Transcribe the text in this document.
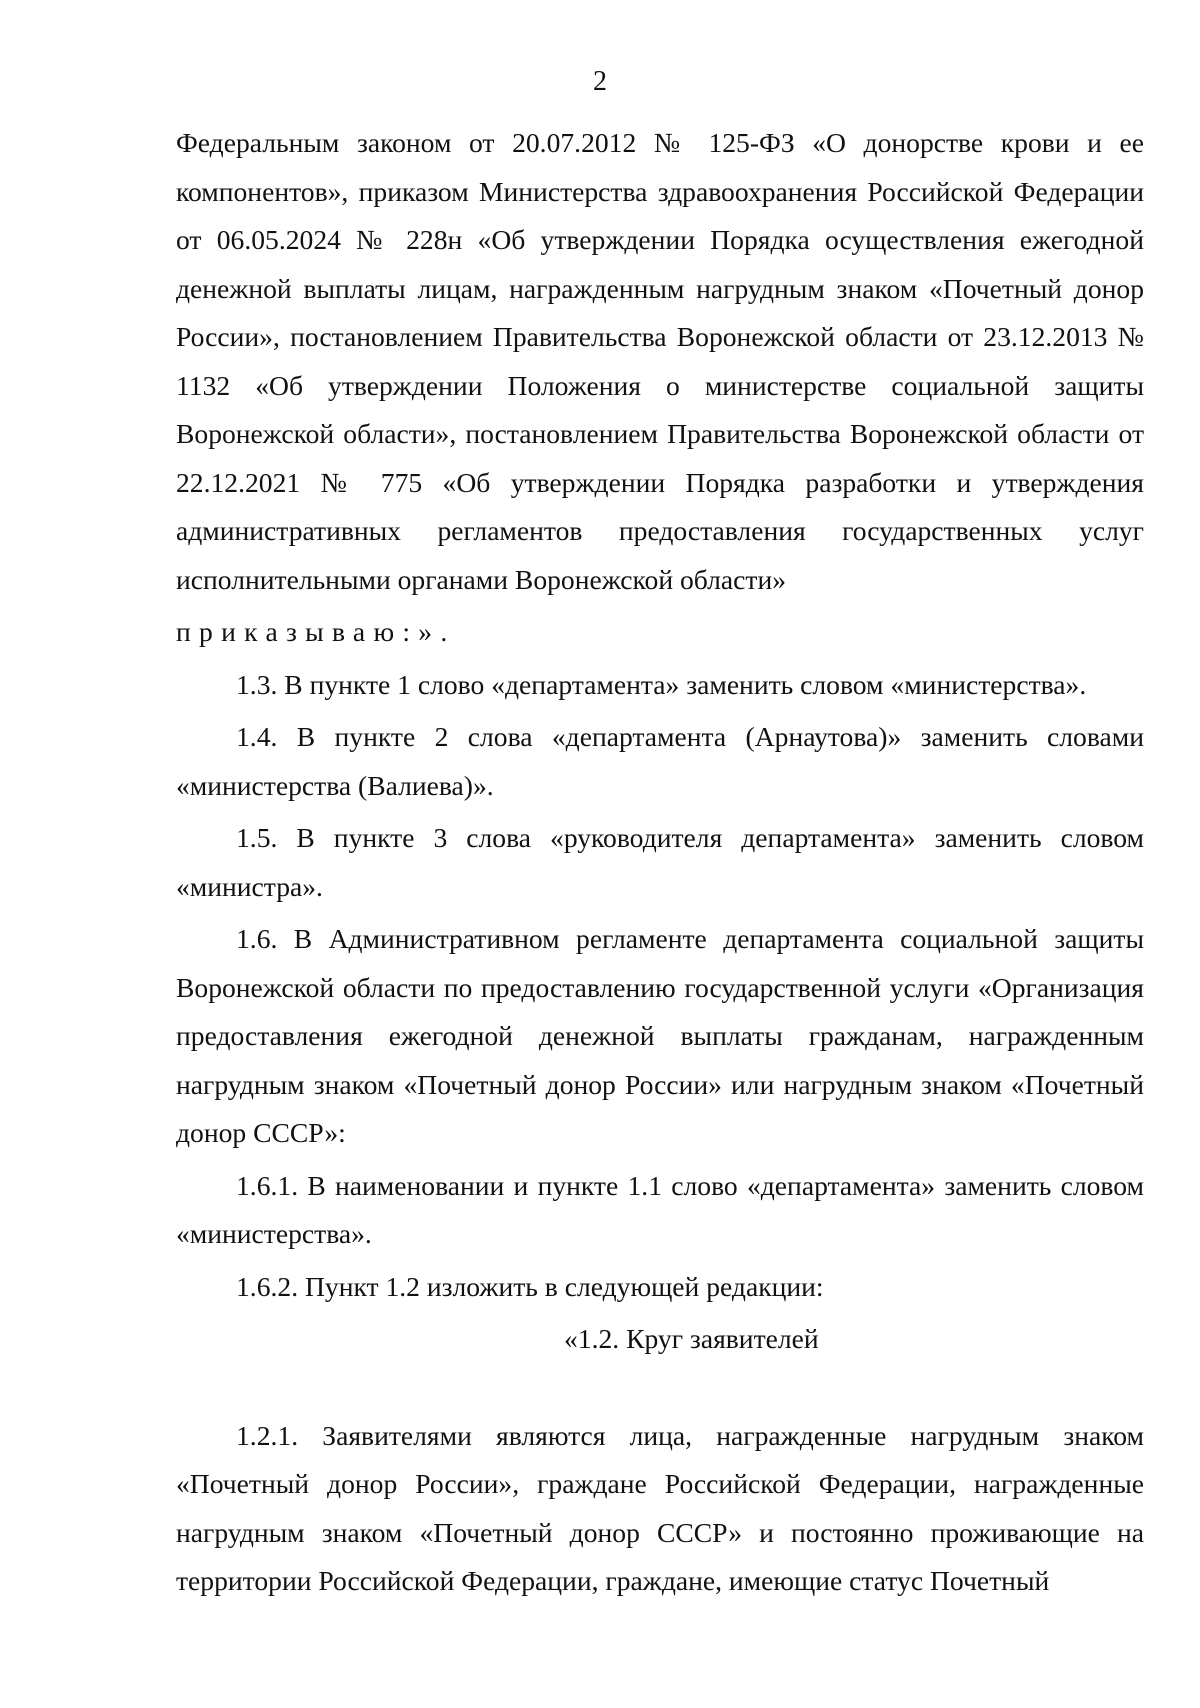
2

Федеральным законом от 20.07.2012 № 125-ФЗ «О донорстве крови и ее компонентов», приказом Министерства здравоохранения Российской Федерации от 06.05.2024 № 228н «Об утверждении Порядка осуществления ежегодной денежной выплаты лицам, награжденным нагрудным знаком «Почетный донор России», постановлением Правительства Воронежской области от 23.12.2013 № 1132 «Об утверждении Положения о министерстве социальной защиты Воронежской области», постановлением Правительства Воронежской области от 22.12.2021 № 775 «Об утверждении Порядка разработки и утверждения административных регламентов предоставления государственных услуг исполнительными органами Воронежской области»

приказываю:».

1.3. В пункте 1 слово «департамента» заменить словом «министерства».

1.4. В пункте 2 слова «департамента (Арнаутова)» заменить словами «министерства (Валиева)».

1.5. В пункте 3 слова «руководителя департамента» заменить словом «министра».

1.6. В Административном регламенте департамента социальной защиты Воронежской области по предоставлению государственной услуги «Организация предоставления ежегодной денежной выплаты гражданам, награжденным нагрудным знаком «Почетный донор России» или нагрудным знаком «Почетный донор СССР»:

1.6.1. В наименовании и пункте 1.1 слово «департамента» заменить словом «министерства».

1.6.2. Пункт 1.2 изложить в следующей редакции:

«1.2. Круг заявителей

1.2.1. Заявителями являются лица, награжденные нагрудным знаком «Почетный донор России», граждане Российской Федерации, награжденные нагрудным знаком «Почетный донор СССР» и постоянно проживающие на территории Российской Федерации, граждане, имеющие статус Почетный
